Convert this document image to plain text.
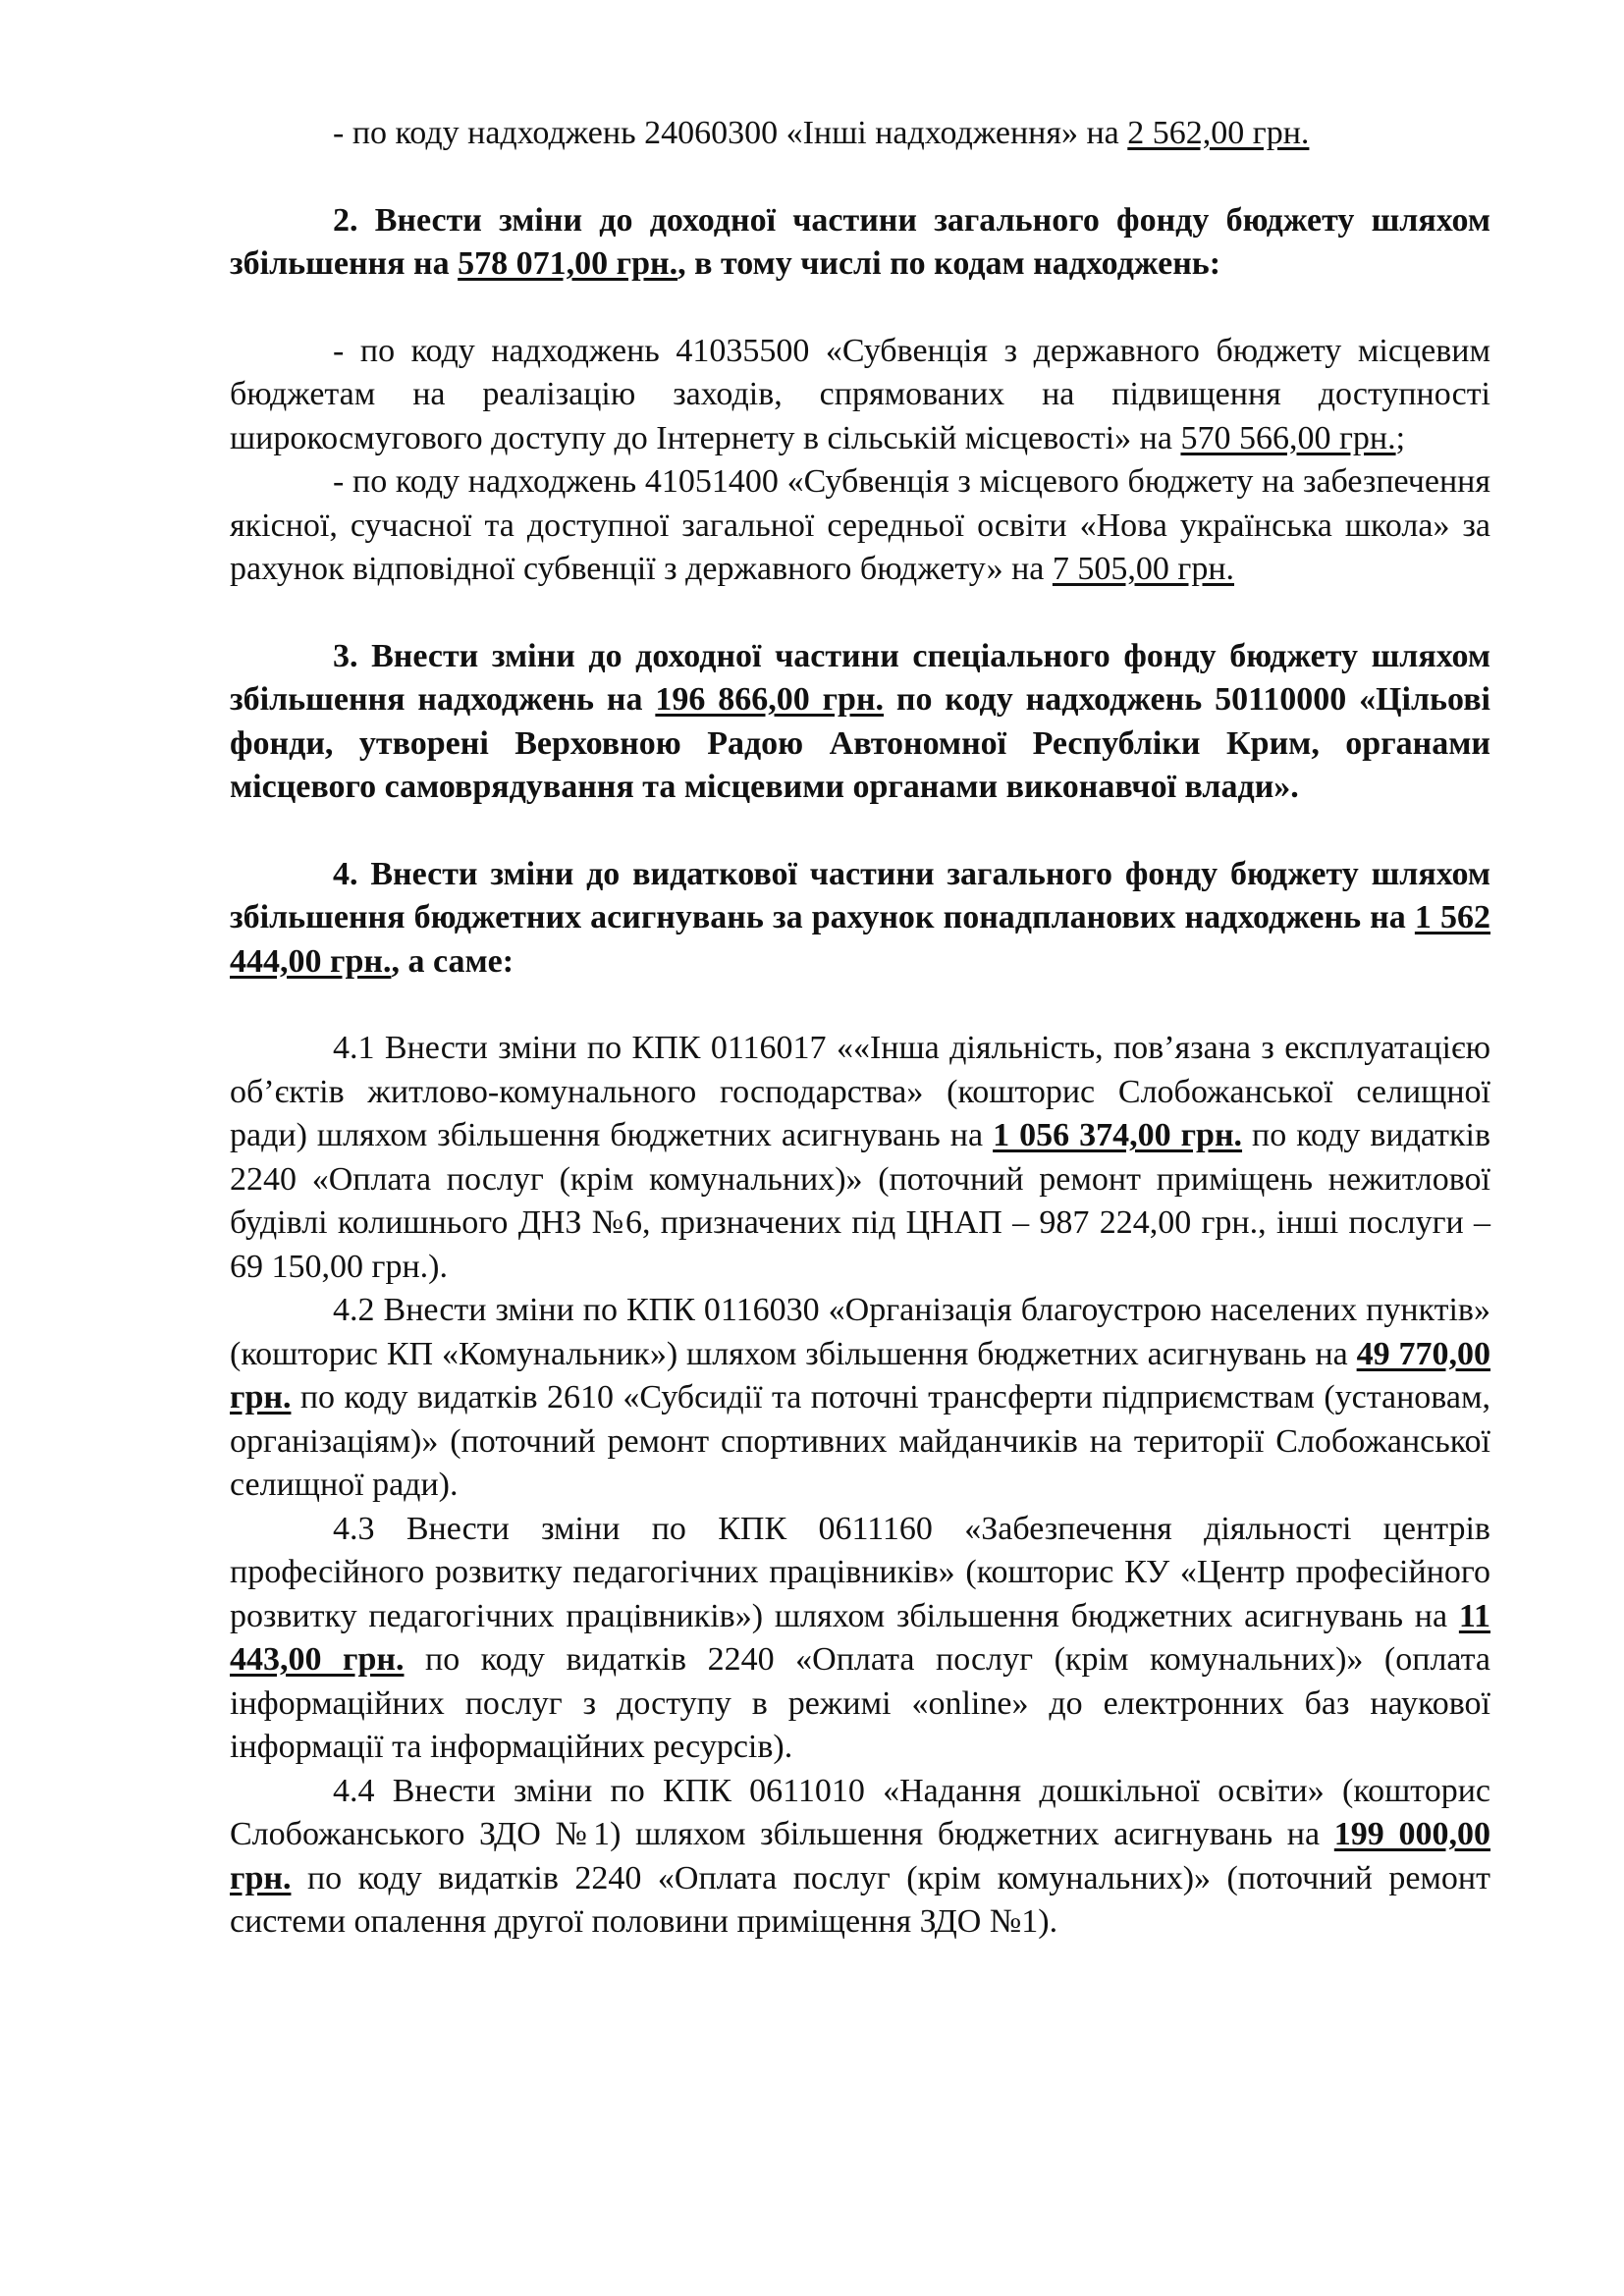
- по коду надходжень 24060300 «Інші надходження» на 2 562,00 грн.

2. Внести зміни до доходної частини загального фонду бюджету шляхом збільшення на 578 071,00 грн., в тому числі по кодам надходжень:

- по коду надходжень 41035500 «Субвенція з державного бюджету місцевим бюджетам на реалізацію заходів, спрямованих на підвищення доступності широкосмугового доступу до Інтернету в сільській місцевості» на 570 566,00 грн.;

- по коду надходжень 41051400 «Субвенція з місцевого бюджету на забезпечення якісної, сучасної та доступної загальної середньої освіти «Нова українська школа» за рахунок відповідної субвенції з державного бюджету» на 7 505,00 грн.

3. Внести зміни до доходної частини спеціального фонду бюджету шляхом збільшення надходжень на 196 866,00 грн. по коду надходжень 50110000 «Цільові фонди, утворені Верховною Радою Автономної Республіки Крим, органами місцевого самоврядування та місцевими органами виконавчої влади».

4. Внести зміни до видаткової частини загального фонду бюджету шляхом збільшення бюджетних асигнувань за рахунок понадпланових надходжень на 1 562 444,00 грн., а саме:

4.1 Внести зміни по КПК 0116017 ««Інша діяльність, пов’язана з експлуатацією об’єктів житлово-комунального господарства» (кошторис Слобожанської селищної ради) шляхом збільшення бюджетних асигнувань на 1 056 374,00 грн. по коду видатків 2240 «Оплата послуг (крім комунальних)» (поточний ремонт приміщень нежитлової будівлі колишнього ДНЗ №6, призначених під ЦНАП – 987 224,00 грн., інші послуги – 69 150,00 грн.).

4.2 Внести зміни по КПК 0116030 «Організація благоустрою населених пунктів» (кошторис КП «Комунальник») шляхом збільшення бюджетних асигнувань на 49 770,00 грн. по коду видатків 2610 «Субсидії та поточні трансферти підприємствам (установам, організаціям)» (поточний ремонт спортивних майданчиків на території Слобожанської селищної ради).

4.3 Внести зміни по КПК 0611160 «Забезпечення діяльності центрів професійного розвитку педагогічних працівників» (кошторис КУ «Центр професійного розвитку педагогічних працівників») шляхом збільшення бюджетних асигнувань на 11 443,00 грн. по коду видатків 2240 «Оплата послуг (крім комунальних)» (оплата інформаційних послуг з доступу в режимі «online» до електронних баз наукової інформації та інформаційних ресурсів).

4.4 Внести зміни по КПК 0611010 «Надання дошкільної освіти» (кошторис Слобожанського ЗДО №1) шляхом збільшення бюджетних асигнувань на 199 000,00 грн. по коду видатків 2240 «Оплата послуг (крім комунальних)» (поточний ремонт системи опалення другої половини приміщення ЗДО №1).
